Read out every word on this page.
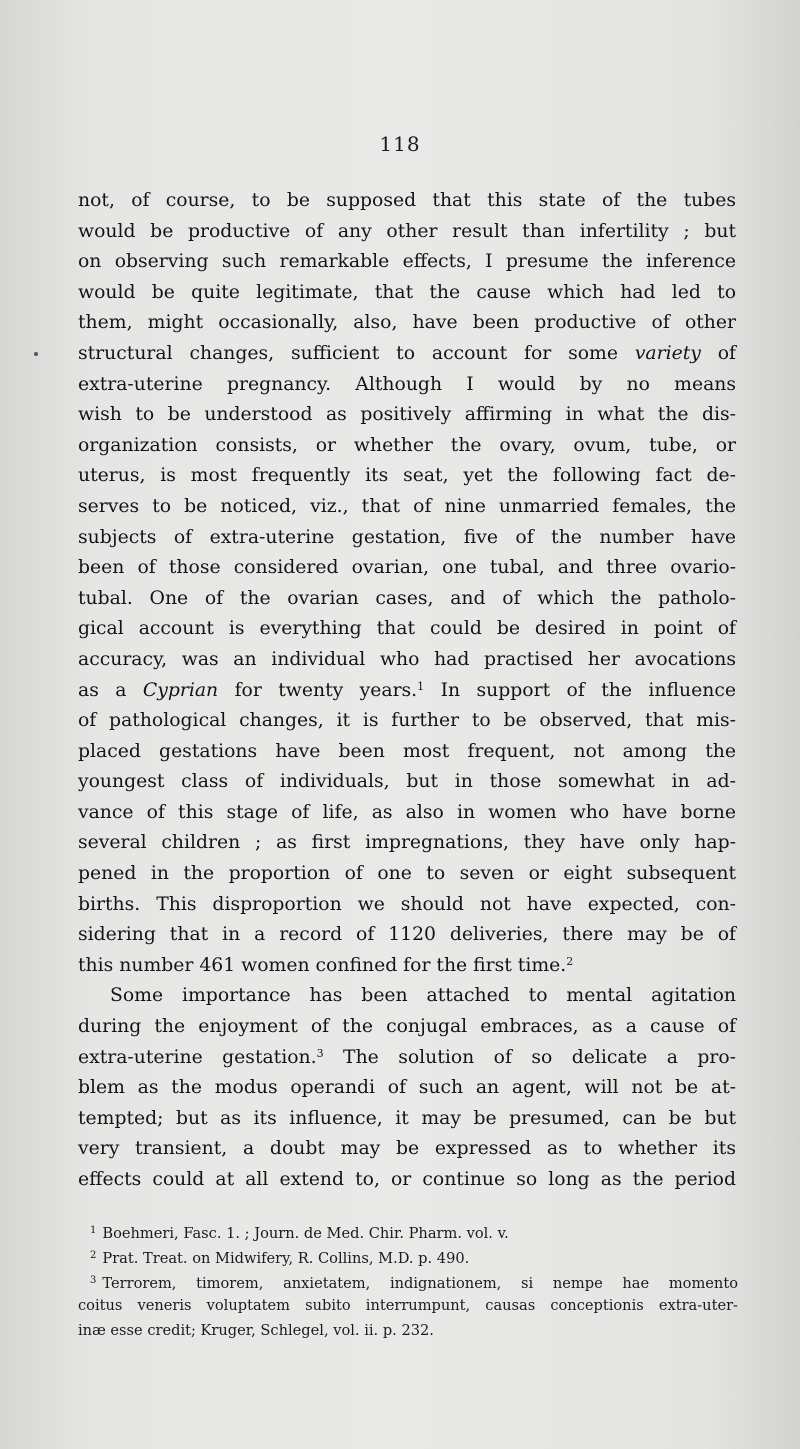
118
not, of course, to be supposed that this state of the tubes
would be productive of any other result than infertility ; but
on observing such remarkable effects, I presume the inference
would be quite legitimate, that the cause which had led to
them, might occasionally, also, have been productive of other
structural changes, sufficient to account for some variety of
extra-uterine pregnancy. Although I would by no means
wish to be understood as positively affirming in what the dis-
organization consists, or whether the ovary, ovum, tube, or
uterus, is most frequently its seat, yet the following fact de-
serves to be noticed, viz., that of nine unmarried females, the
subjects of extra-uterine gestation, five of the number have
been of those considered ovarian, one tubal, and three ovario-
tubal. One of the ovarian cases, and of which the patholo-
gical account is everything that could be desired in point of
accuracy, was an individual who had practised her avocations
as a Cyprian for twenty years.$^1$ In support of the influence
of pathological changes, it is further to be observed, that mis-
placed gestations have been most frequent, not among the
youngest class of individuals, but in those somewhat in ad-
vance of this stage of life, as also in women who have borne
several children ; as first impregnations, they have only hap-
pened in the proportion of one to seven or eight subsequent
births. This disproportion we should not have expected, con-
sidering that in a record of 1120 deliveries, there may be of
this number 461 women confined for the first time.$^2$
Some importance has been attached to mental agitation
during the enjoyment of the conjugal embraces, as a cause of
extra-uterine gestation.$^3$ The solution of so delicate a pro-
blem as the modus operandi of such an agent, will not be at-
tempted; but as its influence, it may be presumed, can be but
very transient, a doubt may be expressed as to whether its
effects could at all extend to, or continue so long as the period
$^1$ Boehmeri, Fasc. 1. ; Journ. de Med. Chir. Pharm. vol. v.
$^2$ Prat. Treat. on Midwifery, R. Collins, M.D. p. 490.
$^3$ Terrorem, timorem, anxietatem, indignationem, si nempe hae momento
coitus veneris voluptatem subito interrumpunt, causas conceptionis extra-uter-
inæ esse credit; Kruger, Schlegel, vol. ii. p. 232.
